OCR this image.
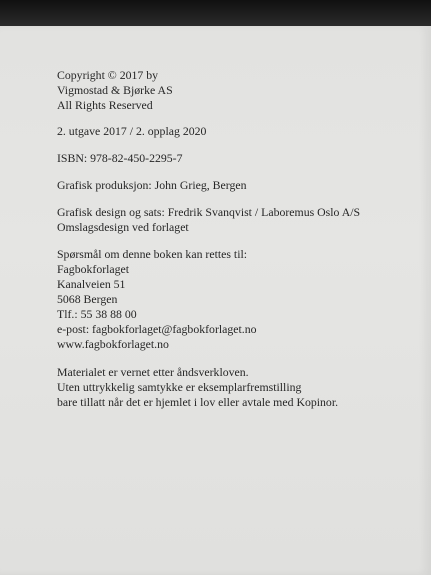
Copyright © 2017 by
Vigmostad & Bjørke AS
All Rights Reserved
2. utgave 2017 / 2. opplag 2020
ISBN: 978-82-450-2295-7
Grafisk produksjon: John Grieg, Bergen
Grafisk design og sats: Fredrik Svanqvist / Laboremus Oslo A/S
Omslagsdesign ved forlaget
Spørsmål om denne boken kan rettes til:
Fagbokforlaget
Kanalveien 51
5068 Bergen
Tlf.: 55 38 88 00
e-post: fagbokforlaget@fagbokforlaget.no
www.fagbokforlaget.no
Materialet er vernet etter åndsverkloven.
Uten uttrykkelig samtykke er eksemplarfremstilling
bare tillatt når det er hjemlet i lov eller avtale med Kopinor.
